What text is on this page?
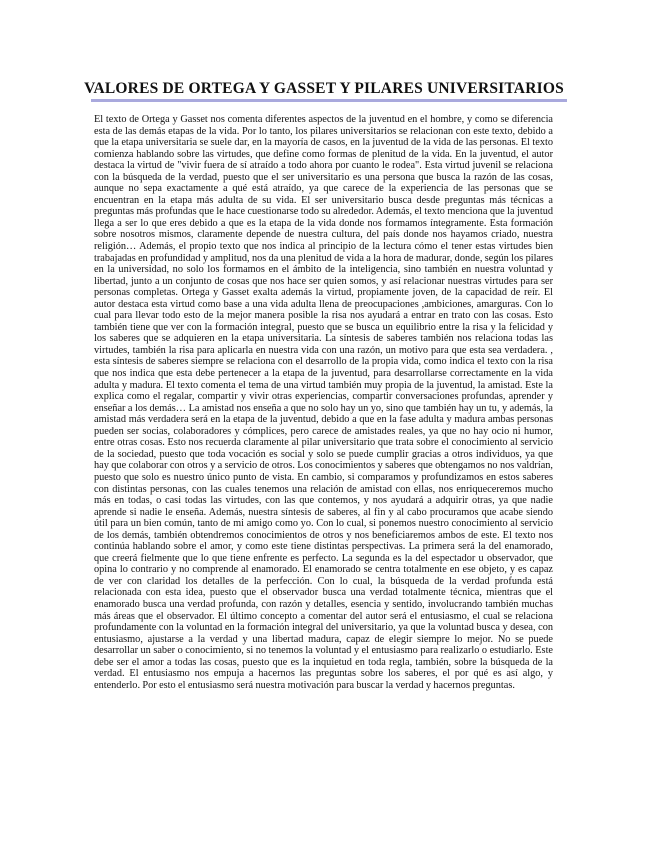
VALORES DE ORTEGA Y GASSET Y PILARES UNIVERSITARIOS

El texto de Ortega y Gasset nos comenta diferentes aspectos de la juventud en el hombre, y como se diferencia esta de las demás etapas de la vida. Por lo tanto, los pilares universitarios se relacionan con este texto, debido a que la etapa universitaria se suele dar, en la mayoría de casos, en la juventud de la vida de las personas. El texto comienza hablando sobre las virtudes, que define como formas de plenitud de la vida. En la juventud, el autor destaca la virtud de "vivir fuera de sí atraído a todo ahora por cuanto le rodea". Esta virtud juvenil se relaciona con la búsqueda de la verdad, puesto que el ser universitario es una persona que busca la razón de las cosas, aunque no sepa exactamente a qué está atraído, ya que carece de la experiencia de las personas que se encuentran en la etapa más adulta de su vida. El ser universitario busca desde preguntas más técnicas a preguntas más profundas que le hace cuestionarse todo su alrededor. Además, el texto menciona que la juventud llega a ser lo que eres debido a que es la etapa de la vida donde nos formamos íntegramente. Esta formación sobre nosotros mismos, claramente depende de nuestra cultura, del país donde nos hayamos criado, nuestra religión… Además, el propio texto que nos indica al principio de la lectura cómo el tener estas virtudes bien trabajadas en profundidad y amplitud, nos da una plenitud de vida a la hora de madurar, donde, según los pilares en la universidad, no solo los formamos en el ámbito de la inteligencia, sino también en nuestra voluntad y libertad, junto a un conjunto de cosas que nos hace ser quien somos, y así relacionar nuestras virtudes para ser personas completas. Ortega y Gasset exalta además la virtud, propiamente joven, de la capacidad de reír. El autor destaca esta virtud como base a una vida adulta llena de preocupaciones ,ambiciones, amarguras. Con lo cual para llevar todo esto de la mejor manera posible la risa nos ayudará a entrar en trato con las cosas. Esto también tiene que ver con la formación integral, puesto que se busca un equilibrio entre la risa y la felicidad y los saberes que se adquieren en la etapa universitaria. La síntesis de saberes también nos relaciona todas las virtudes, también la risa para aplicarla en nuestra vida con una razón, un motivo para que esta sea verdadera. , esta síntesis de saberes siempre se relaciona con el desarrollo de la propia vida, como indica el texto con la risa que nos indica que esta debe pertenecer a la etapa de la juventud, para desarrollarse correctamente en la vida adulta y madura. El texto comenta el tema de una virtud también muy propia de la juventud, la amistad. Este la explica como el regalar, compartir y vivir otras experiencias, compartir conversaciones profundas, aprender y enseñar a los demás… La amistad nos enseña a que no solo hay un yo, sino que también hay un tu, y además, la amistad más verdadera será en la etapa de la juventud, debido a que en la fase adulta y madura ambas personas pueden ser socias, colaboradores y cómplices, pero carece de amistades reales, ya que no hay ocio ni humor, entre otras cosas. Esto nos recuerda claramente al pilar universitario que trata sobre el conocimiento al servicio de la sociedad, puesto que toda vocación es social y solo se puede cumplir gracias a otros individuos, ya que hay que colaborar con otros y a servicio de otros. Los conocimientos y saberes que obtengamos no nos valdrían, puesto que solo es nuestro único punto de vista. En cambio, si comparamos y profundizamos en estos saberes con distintas personas, con las cuales tenemos una relación de amistad con ellas, nos enriqueceremos mucho más en todas, o casi todas las virtudes, con las que contemos, y nos ayudará a adquirir otras, ya que nadie aprende si nadie le enseña. Además, nuestra síntesis de saberes, al fin y al cabo procuramos que acabe siendo útil para un bien común, tanto de mi amigo como yo. Con lo cual, si ponemos nuestro conocimiento al servicio de los demás, también obtendremos conocimientos de otros y nos beneficiaremos ambos de este. El texto nos continúa hablando sobre el amor, y como este tiene distintas perspectivas. La primera será la del enamorado, que creerá fielmente que lo que tiene enfrente es perfecto. La segunda es la del espectador u observador, que opina lo contrario y no comprende al enamorado. El enamorado se centra totalmente en ese objeto, y es capaz de ver con claridad los detalles de la perfección. Con lo cual, la búsqueda de la verdad profunda está relacionada con esta idea, puesto que el observador busca una verdad totalmente técnica, mientras que el enamorado busca una verdad profunda, con razón y detalles, esencia y sentido, involucrando también muchas más áreas que el observador. El último concepto a comentar del autor será el entusiasmo, el cual se relaciona profundamente con la voluntad en la formación integral del universitario, ya que la voluntad busca y desea, con entusiasmo, ajustarse a la verdad y una libertad madura, capaz de elegir siempre lo mejor. No se puede desarrollar un saber o conocimiento, si no tenemos la voluntad y el entusiasmo para realizarlo o estudiarlo. Este debe ser el amor a todas las cosas, puesto que es la inquietud en toda regla, también, sobre la búsqueda de la verdad. El entusiasmo nos empuja a hacernos las preguntas sobre los saberes, el por qué es así algo, y entenderlo. Por esto el entusiasmo será nuestra motivación para buscar la verdad y hacernos preguntas.
